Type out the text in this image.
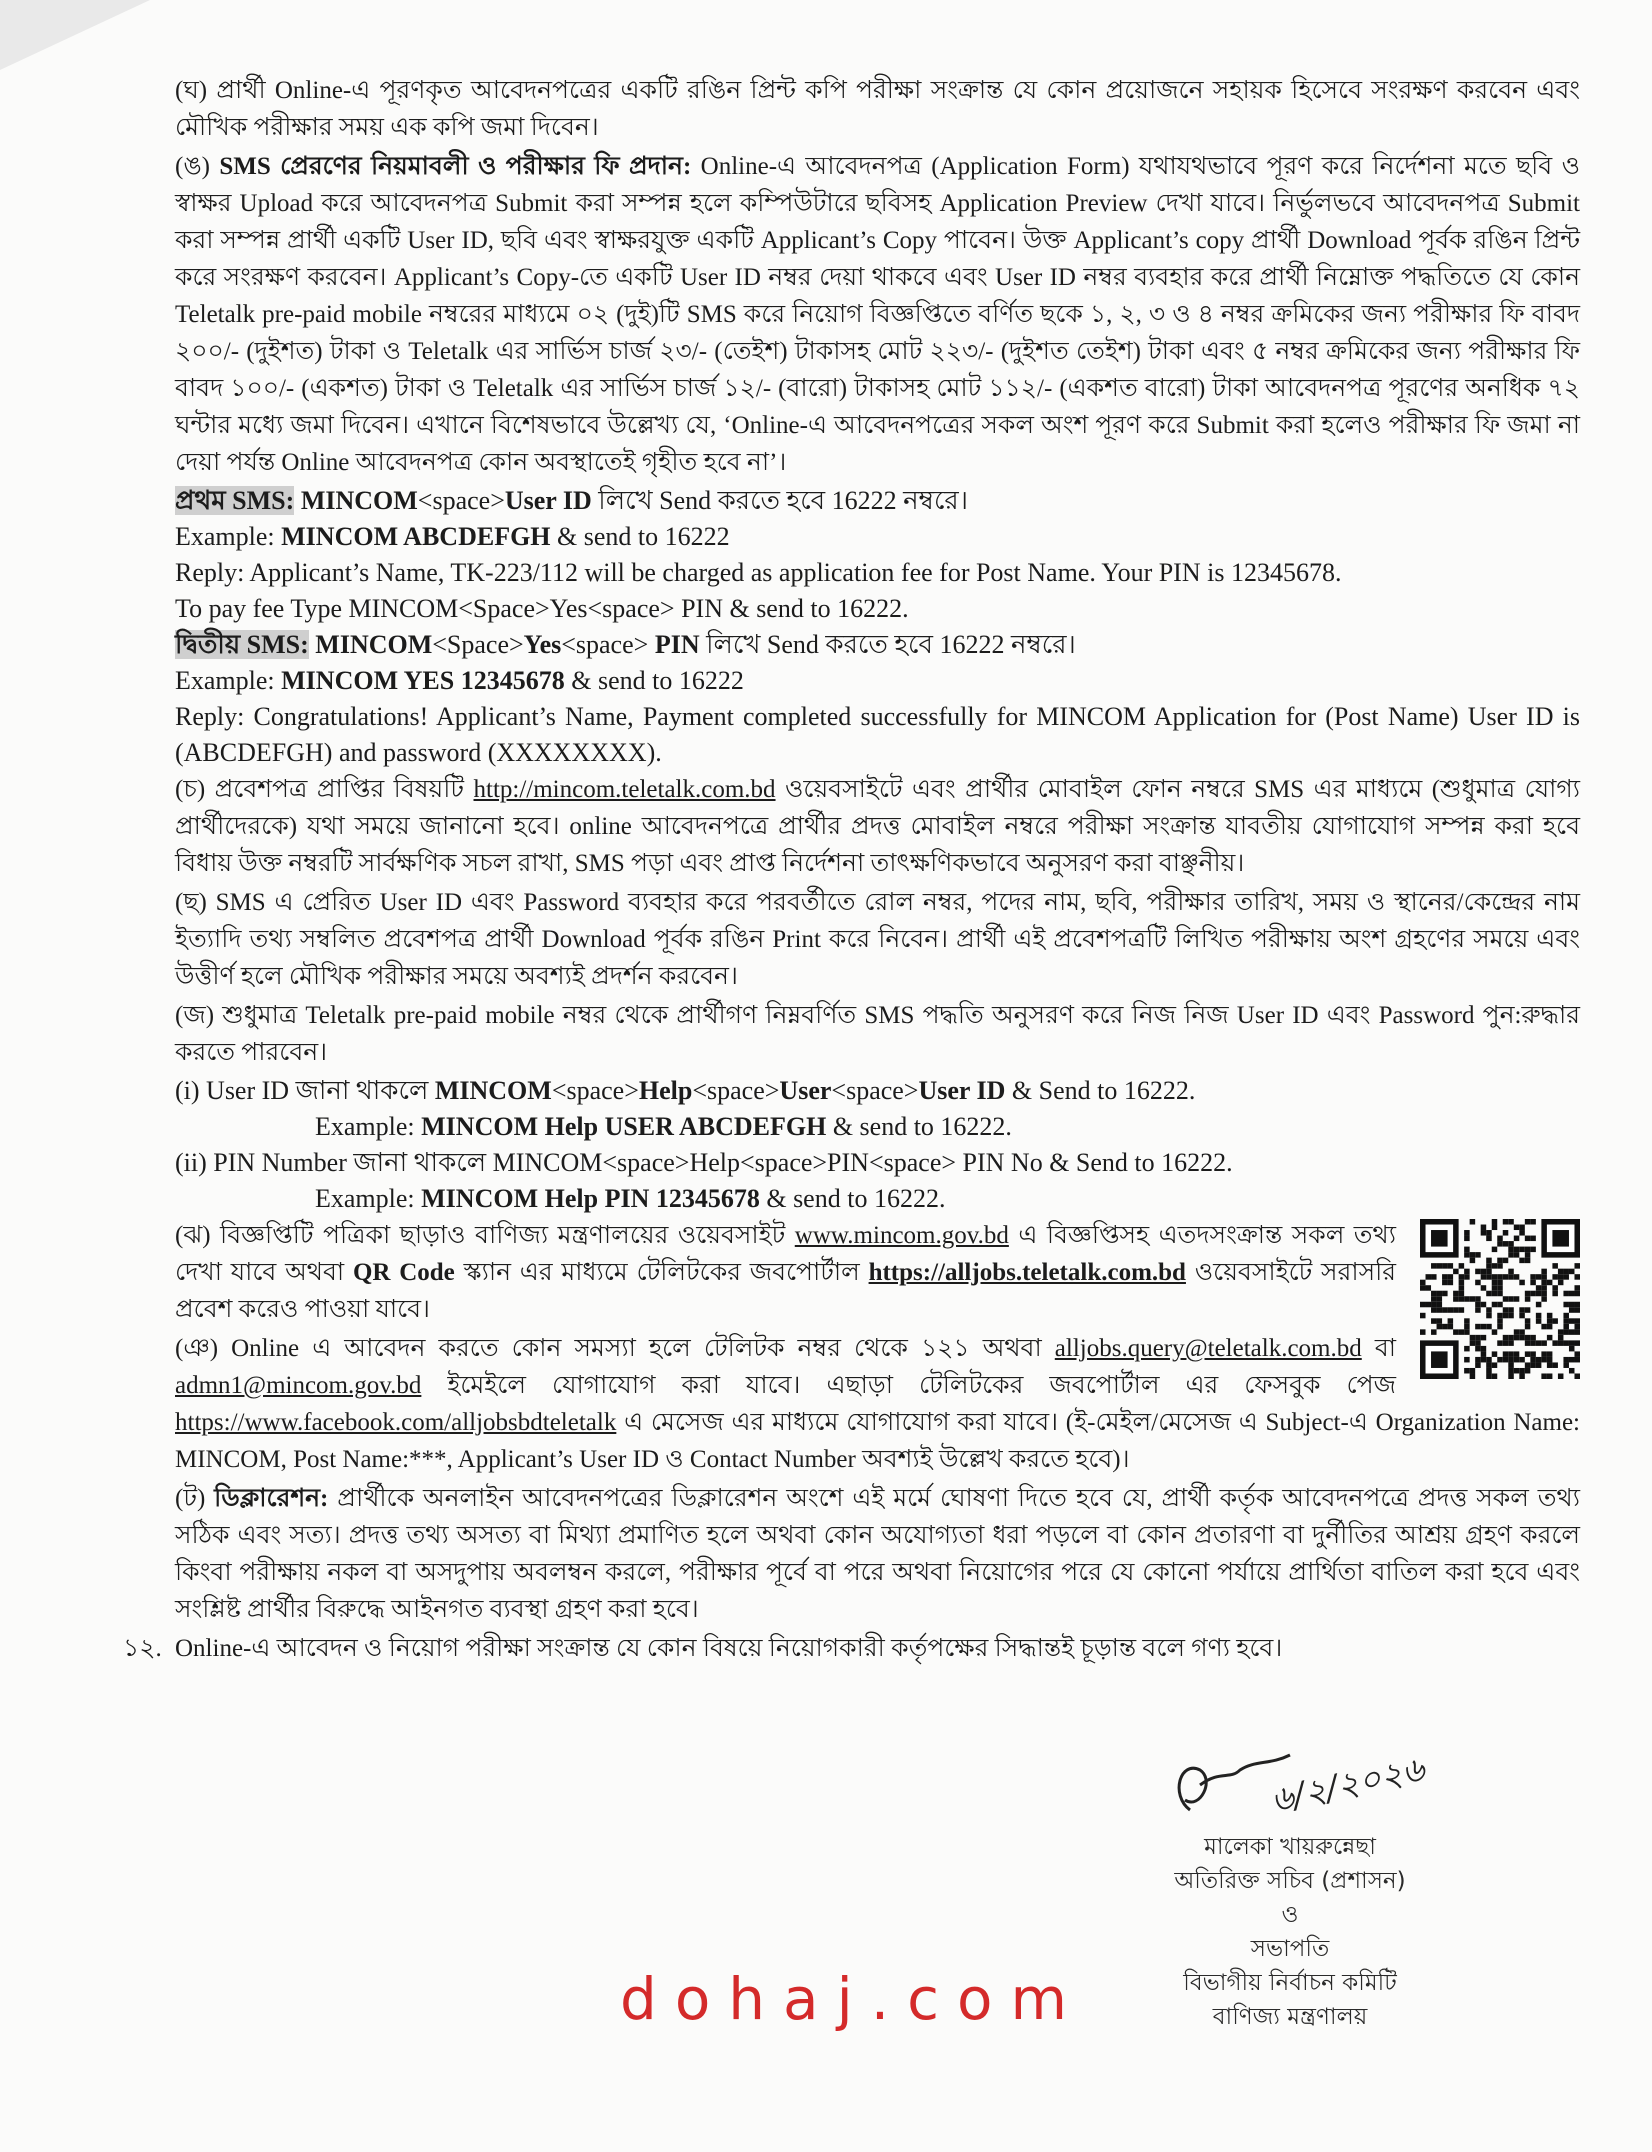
(ঘ) প্রার্থী Online-এ পূরণকৃত আবেদনপত্রের একটি রঙিন প্রিন্ট কপি পরীক্ষা সংক্রান্ত যে কোন প্রয়োজনে সহায়ক হিসেবে সংরক্ষণ করবেন এবং মৌখিক পরীক্ষার সময় এক কপি জমা দিবেন।
(ঙ) SMS প্রেরণের নিয়মাবলী ও পরীক্ষার ফি প্রদান: Online-এ আবেদনপত্র (Application Form) যথাযথভাবে পূরণ করে নির্দেশনা মতে ছবি ও স্বাক্ষর Upload করে আবেদনপত্র Submit করা সম্পন্ন হলে কম্পিউটারে ছবিসহ Application Preview দেখা যাবে। নির্ভুলভবে আবেদনপত্র Submit করা সম্পন্ন প্রার্থী একটি User ID, ছবি এবং স্বাক্ষরযুক্ত একটি Applicant’s Copy পাবেন। উক্ত Applicant’s copy প্রার্থী Download পূর্বক রঙিন প্রিন্ট করে সংরক্ষণ করবেন। Applicant’s Copy-তে একটি User ID নম্বর দেয়া থাকবে এবং User ID নম্বর ব্যবহার করে প্রার্থী নিম্নোক্ত পদ্ধতিতে যে কোন Teletalk pre-paid mobile নম্বরের মাধ্যমে ০২ (দুই)টি SMS করে নিয়োগ বিজ্ঞপ্তিতে বর্ণিত ছকে ১, ২, ৩ ও ৪ নম্বর ক্রমিকের জন্য পরীক্ষার ফি বাবদ ২০০/- (দুইশত) টাকা ও Teletalk এর সার্ভিস চার্জ ২৩/- (তেইশ) টাকাসহ মোট ২২৩/- (দুইশত তেইশ) টাকা এবং ৫ নম্বর ক্রমিকের জন্য পরীক্ষার ফি বাবদ ১০০/- (একশত) টাকা ও Teletalk এর সার্ভিস চার্জ ১২/- (বারো) টাকাসহ মোট ১১২/- (একশত বারো) টাকা আবেদনপত্র পূরণের অনধিক ৭২ ঘন্টার মধ্যে জমা দিবেন। এখানে বিশেষভাবে উল্লেখ্য যে, ‘Online-এ আবেদনপত্রের সকল অংশ পূরণ করে Submit করা হলেও পরীক্ষার ফি জমা না দেয়া পর্যন্ত Online আবেদনপত্র কোন অবস্থাতেই গৃহীত হবে না’।
প্রথম SMS: MINCOM<space>User ID লিখে Send করতে হবে 16222 নম্বরে।
Example: MINCOM ABCDEFGH & send to 16222
Reply: Applicant’s Name, TK-223/112 will be charged as application fee for Post Name. Your PIN is 12345678.
To pay fee Type MINCOM<Space>Yes<space> PIN & send to 16222.
দ্বিতীয় SMS: MINCOM<Space>Yes<space> PIN লিখে Send করতে হবে 16222 নম্বরে।
Example: MINCOM YES 12345678 & send to 16222
Reply: Congratulations! Applicant’s Name, Payment completed successfully for MINCOM Application for (Post Name) User ID is (ABCDEFGH) and password (XXXXXXXX).
(চ) প্রবেশপত্র প্রাপ্তির বিষয়টি http://mincom.teletalk.com.bd ওয়েবসাইটে এবং প্রার্থীর মোবাইল ফোন নম্বরে SMS এর মাধ্যমে (শুধুমাত্র যোগ্য প্রার্থীদেরকে) যথা সময়ে জানানো হবে। online আবেদনপত্রে প্রার্থীর প্রদত্ত মোবাইল নম্বরে পরীক্ষা সংক্রান্ত যাবতীয় যোগাযোগ সম্পন্ন করা হবে বিধায় উক্ত নম্বরটি সার্বক্ষণিক সচল রাখা, SMS পড়া এবং প্রাপ্ত নির্দেশনা তাৎক্ষণিকভাবে অনুসরণ করা বাঞ্ছনীয়।
(ছ) SMS এ প্রেরিত User ID এবং Password ব্যবহার করে পরবর্তীতে রোল নম্বর, পদের নাম, ছবি, পরীক্ষার তারিখ, সময় ও স্থানের/কেন্দ্রের নাম ইত্যাদি তথ্য সম্বলিত প্রবেশপত্র প্রার্থী Download পূর্বক রঙিন Print করে নিবেন। প্রার্থী এই প্রবেশপত্রটি লিখিত পরীক্ষায় অংশ গ্রহণের সময়ে এবং উত্তীর্ণ হলে মৌখিক পরীক্ষার সময়ে অবশ্যই প্রদর্শন করবেন।
(জ) শুধুমাত্র Teletalk pre-paid mobile নম্বর থেকে প্রার্থীগণ নিম্নবর্ণিত SMS পদ্ধতি অনুসরণ করে নিজ নিজ User ID এবং Password পুন:রুদ্ধার করতে পারবেন।
(i) User ID জানা থাকলে MINCOM<space>Help<space>User<space>User ID & Send to 16222.
Example: MINCOM Help USER ABCDEFGH & send to 16222.
(ii) PIN Number জানা থাকলে MINCOM<space>Help<space>PIN<space> PIN No & Send to 16222.
Example: MINCOM Help PIN 12345678 & send to 16222.
(ঝ) বিজ্ঞপ্তিটি পত্রিকা ছাড়াও বাণিজ্য মন্ত্রণালয়ের ওয়েবসাইট www.mincom.gov.bd এ বিজ্ঞপ্তিসহ এতদসংক্রান্ত সকল তথ্য দেখা যাবে অথবা QR Code স্ক্যান এর মাধ্যমে টেলিটকের জবপোর্টাল https://alljobs.teletalk.com.bd ওয়েবসাইটে সরাসরি প্রবেশ করেও পাওয়া যাবে।
(ঞ) Online এ আবেদন করতে কোন সমস্যা হলে টেলিটক নম্বর থেকে ১২১ অথবা alljobs.query@teletalk.com.bd বা admn1@mincom.gov.bd ইমেইলে যোগাযোগ করা যাবে। এছাড়া টেলিটকের জবপোর্টাল এর ফেসবুক পেজ https://www.facebook.com/alljobsbdteletalk এ মেসেজ এর মাধ্যমে যোগাযোগ করা যাবে। (ই-মেইল/মেসেজ এ Subject-এ Organization Name: MINCOM, Post Name:***, Applicant’s User ID ও Contact Number অবশ্যই উল্লেখ করতে হবে)।
(ট) ডিক্লারেশন: প্রার্থীকে অনলাইন আবেদনপত্রের ডিক্লারেশন অংশে এই মর্মে ঘোষণা দিতে হবে যে, প্রার্থী কর্তৃক আবেদনপত্রে প্রদত্ত সকল তথ্য সঠিক এবং সত্য। প্রদত্ত তথ্য অসত্য বা মিথ্যা প্রমাণিত হলে অথবা কোন অযোগ্যতা ধরা পড়লে বা কোন প্রতারণা বা দুর্নীতির আশ্রয় গ্রহণ করলে কিংবা পরীক্ষায় নকল বা অসদুপায় অবলম্বন করলে, পরীক্ষার পূর্বে বা পরে অথবা নিয়োগের পরে যে কোনো পর্যায়ে প্রার্থিতা বাতিল করা হবে এবং সংশ্লিষ্ট প্রার্থীর বিরুদ্ধে আইনগত ব্যবস্থা গ্রহণ করা হবে।
১২. Online-এ আবেদন ও নিয়োগ পরীক্ষা সংক্রান্ত যে কোন বিষয়ে নিয়োগকারী কর্তৃপক্ষের সিদ্ধান্তই চূড়ান্ত বলে গণ্য হবে।
৬/২/২০২৬
মালেকা খায়রুন্নেছা
অতিরিক্ত সচিব (প্রশাসন)
ও
সভাপতি
বিভাগীয় নির্বাচন কমিটি
বাণিজ্য মন্ত্রণালয়
dohaj.com
